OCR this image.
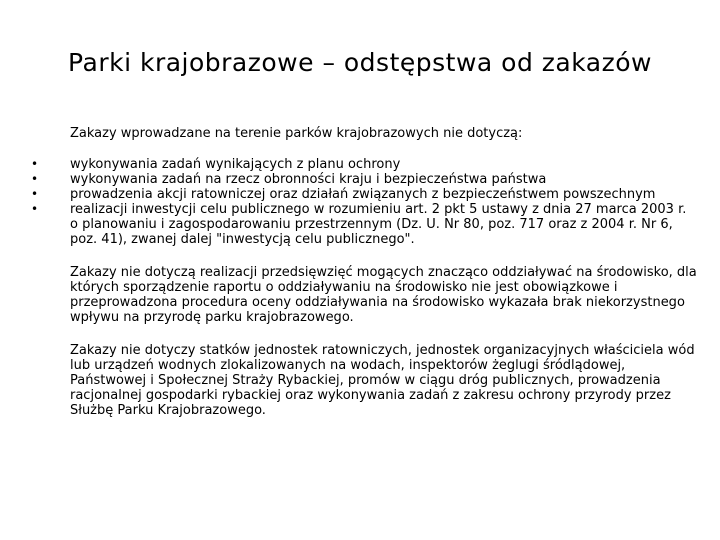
Parki krajobrazowe – odstępstwa od zakazów

Zakazy wprowadzane na terenie parków krajobrazowych nie dotyczą:

• wykonywania zadań wynikających z planu ochrony
• wykonywania zadań na rzecz obronności kraju i bezpieczeństwa państwa
• prowadzenia akcji ratowniczej oraz działań związanych z bezpieczeństwem powszechnym
• realizacji inwestycji celu publicznego w rozumieniu art. 2 pkt 5 ustawy z dnia 27 marca 2003 r. o planowaniu i zagospodarowaniu przestrzennym (Dz. U. Nr 80, poz. 717 oraz z 2004 r. Nr 6, poz. 41), zwanej dalej "inwestycją celu publicznego".

Zakazy nie dotyczą realizacji przedsięwzięć mogących znacząco oddziaływać na środowisko, dla których sporządzenie raportu o oddziaływaniu na środowisko nie jest obowiązkowe i przeprowadzona procedura oceny oddziaływania na środowisko wykazała brak niekorzystnego wpływu na przyrodę parku krajobrazowego.

Zakazy nie dotyczy statków jednostek ratowniczych, jednostek organizacyjnych właściciela wód lub urządzeń wodnych zlokalizowanych na wodach, inspektorów żeglugi śródlądowej, Państwowej i Społecznej Straży Rybackiej, promów w ciągu dróg publicznych, prowadzenia racjonalnej gospodarki rybackiej oraz wykonywania zadań z zakresu ochrony przyrody przez Służbę Parku Krajobrazowego.
